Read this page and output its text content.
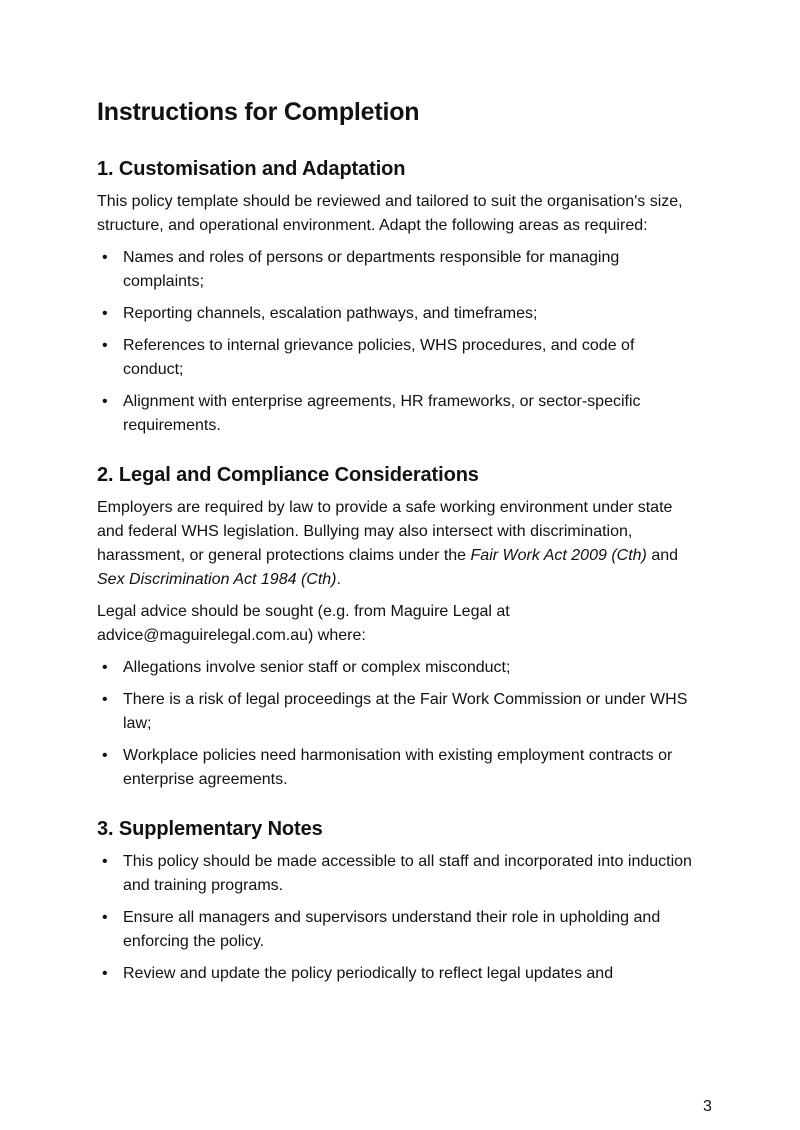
Instructions for Completion
1. Customisation and Adaptation

This policy template should be reviewed and tailored to suit the organisation's size, structure, and operational environment. Adapt the following areas as required:

• Names and roles of persons or departments responsible for managing complaints;
• Reporting channels, escalation pathways, and timeframes;
• References to internal grievance policies, WHS procedures, and code of conduct;
• Alignment with enterprise agreements, HR frameworks, or sector-specific requirements.
2. Legal and Compliance Considerations

Employers are required by law to provide a safe working environment under state and federal WHS legislation. Bullying may also intersect with discrimination, harassment, or general protections claims under the Fair Work Act 2009 (Cth) and Sex Discrimination Act 1984 (Cth).

Legal advice should be sought (e.g. from Maguire Legal at advice@maguirelegal.com.au) where:

• Allegations involve senior staff or complex misconduct;
• There is a risk of legal proceedings at the Fair Work Commission or under WHS law;
• Workplace policies need harmonisation with existing employment contracts or enterprise agreements.
3. Supplementary Notes
• This policy should be made accessible to all staff and incorporated into induction and training programs.
• Ensure all managers and supervisors understand their role in upholding and enforcing the policy.
• Review and update the policy periodically to reflect legal updates and
3
